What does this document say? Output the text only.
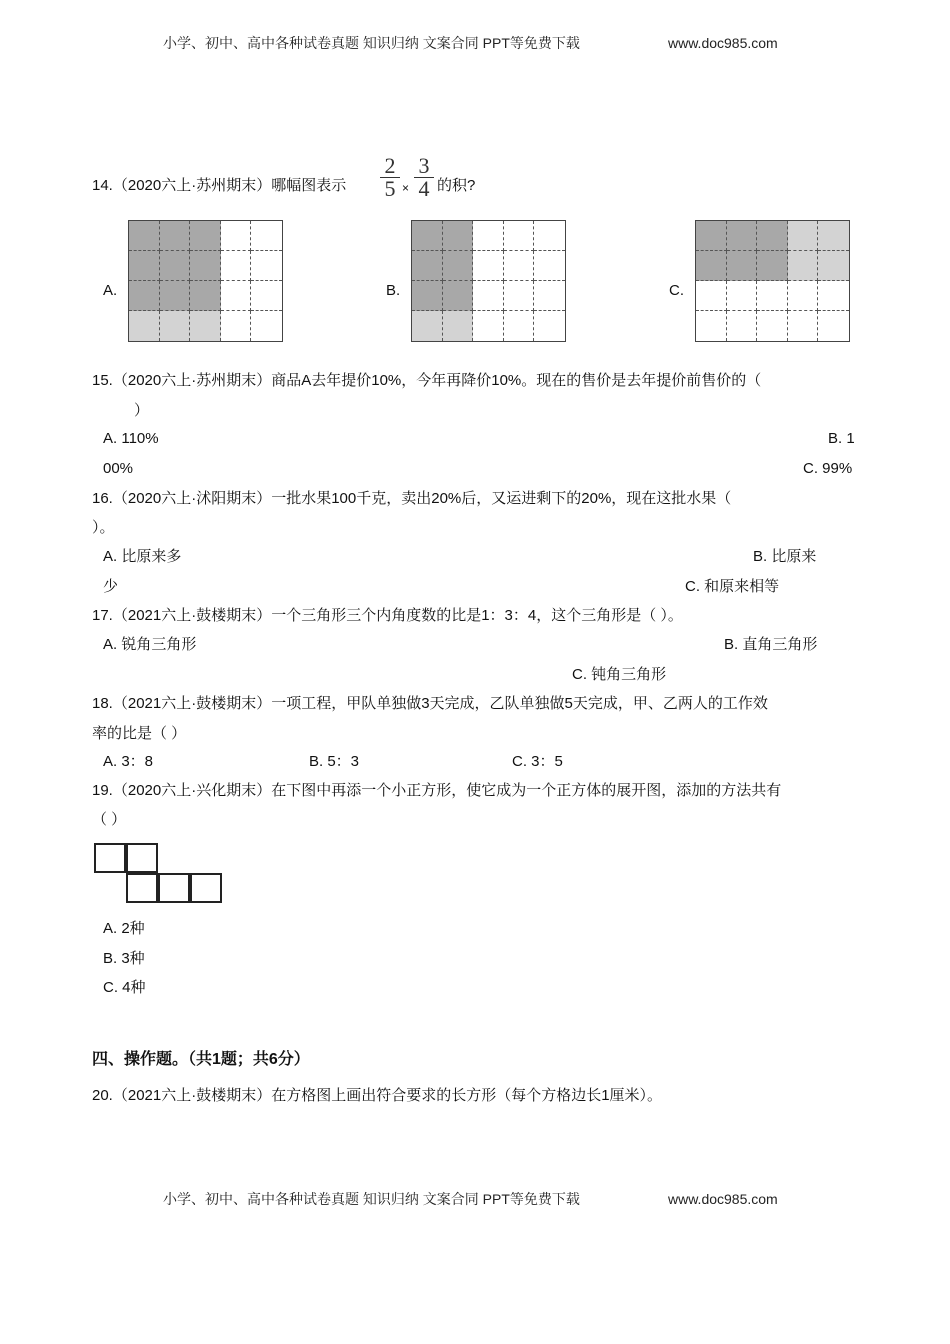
小学、初中、高中各种试卷真题 知识归纳 文案合同 PPT等免费下载	www.doc985.com
14.（2020六上·苏州期末）哪幅图表示
2
5 ×
3
4 的积?
A.	B.	C.
15.（2020六上·苏州期末）商品A去年提价10%，今年再降价10%。现在的售价是去年提价前售价的（
）
A. 110%	B. 1
00%	C. 99%
16.（2020六上·沭阳期末）一批水果100千克，卖出20%后，又运进剩下的20%，现在这批水果（
）。
A. 比原来多	B. 比原来
少	C. 和原来相等
17.（2021六上·鼓楼期末）一个三角形三个内角度数的比是1：3：4，这个三角形是（ ）。
A. 锐角三角形	B. 直角三角形
C. 钝角三角形
18.（2021六上·鼓楼期末）一项工程，甲队单独做3天完成，乙队单独做5天完成，甲、乙两人的工作效
率的比是（ ）
A. 3：8	B. 5：3	C. 3：5
19.（2020六上·兴化期末）在下图中再添一个小正方形，使它成为一个正方体的展开图，添加的方法共有
（ ）
A. 2种
B. 3种
C. 4种
四、操作题。（共1题；共6分）
20.（2021六上·鼓楼期末）在方格图上画出符合要求的长方形（每个方格边长1厘米）。
小学、初中、高中各种试卷真题 知识归纳 文案合同 PPT等免费下载	www.doc985.com
